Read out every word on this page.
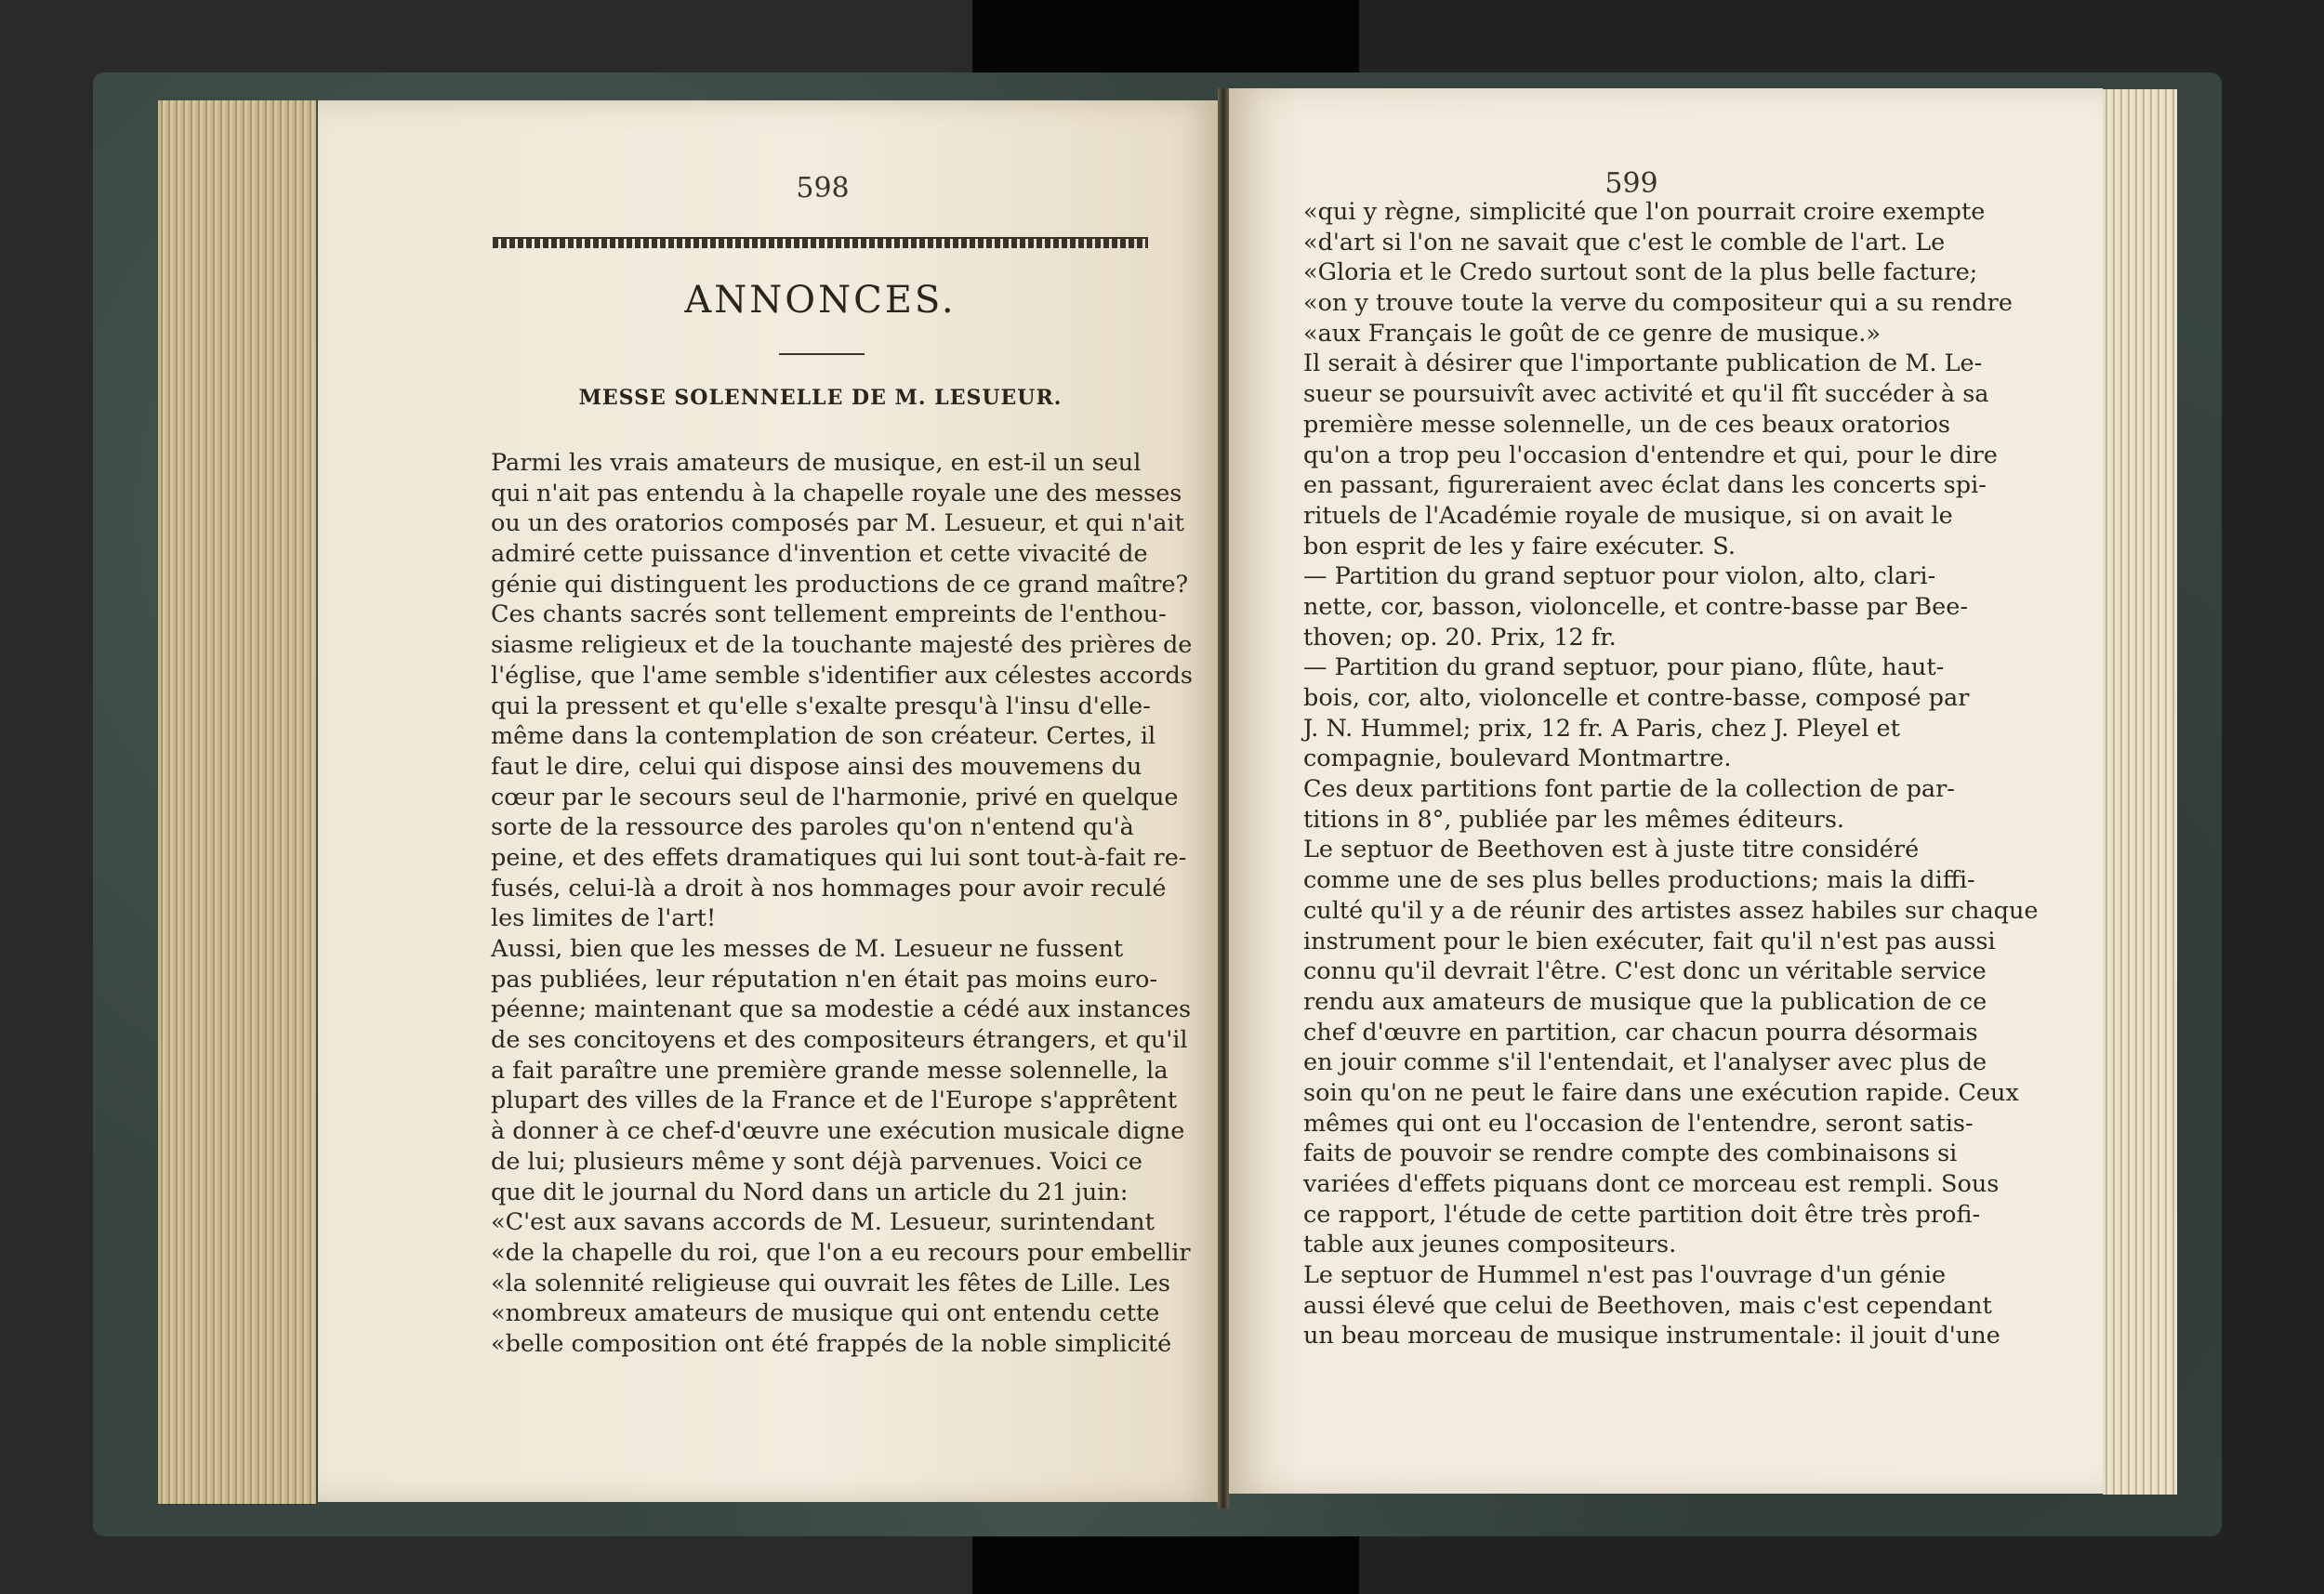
598
ANNONCES.
MESSE SOLENNELLE DE M. LESUEUR.
Parmi les vrais amateurs de musique, en est-il un seul
qui n'ait pas entendu à la chapelle royale une des messes
ou un des oratorios composés par M. Lesueur, et qui n'ait
admiré cette puissance d'invention et cette vivacité de
génie qui distinguent les productions de ce grand maître?
Ces chants sacrés sont tellement empreints de l'enthou-
siasme religieux et de la touchante majesté des prières de
l'église, que l'ame semble s'identifier aux célestes accords
qui la pressent et qu'elle s'exalte presqu'à l'insu d'elle-
même dans la contemplation de son créateur. Certes, il
faut le dire, celui qui dispose ainsi des mouvemens du
cœur par le secours seul de l'harmonie, privé en quelque
sorte de la ressource des paroles qu'on n'entend qu'à
peine, et des effets dramatiques qui lui sont tout-à-fait re-
fusés, celui-là a droit à nos hommages pour avoir reculé
les limites de l'art!
Aussi, bien que les messes de M. Lesueur ne fussent
pas publiées, leur réputation n'en était pas moins euro-
péenne; maintenant que sa modestie a cédé aux instances
de ses concitoyens et des compositeurs étrangers, et qu'il
a fait paraître une première grande messe solennelle, la
plupart des villes de la France et de l'Europe s'apprêtent
à donner à ce chef-d'œuvre une exécution musicale digne
de lui; plusieurs même y sont déjà parvenues. Voici ce
que dit le journal du Nord dans un article du 21 juin:
«C'est aux savans accords de M. Lesueur, surintendant
«de la chapelle du roi, que l'on a eu recours pour embellir
«la solennité religieuse qui ouvrait les fêtes de Lille. Les
«nombreux amateurs de musique qui ont entendu cette
«belle composition ont été frappés de la noble simplicité
599
«qui y règne, simplicité que l'on pourrait croire exempte
«d'art si l'on ne savait que c'est le comble de l'art. Le
«Gloria et le Credo surtout sont de la plus belle facture;
«on y trouve toute la verve du compositeur qui a su rendre
«aux Français le goût de ce genre de musique.»
Il serait à désirer que l'importante publication de M. Le-
sueur se poursuivît avec activité et qu'il fît succéder à sa
première messe solennelle, un de ces beaux oratorios
qu'on a trop peu l'occasion d'entendre et qui, pour le dire
en passant, figureraient avec éclat dans les concerts spi-
rituels de l'Académie royale de musique, si on avait le
bon esprit de les y faire exécuter. S.
— Partition du grand septuor pour violon, alto, clari-
nette, cor, basson, violoncelle, et contre-basse par Bee-
thoven; op. 20. Prix, 12 fr.
— Partition du grand septuor, pour piano, flûte, haut-
bois, cor, alto, violoncelle et contre-basse, composé par
J. N. Hummel; prix, 12 fr. A Paris, chez J. Pleyel et
compagnie, boulevard Montmartre.
Ces deux partitions font partie de la collection de par-
titions in 8°, publiée par les mêmes éditeurs.
Le septuor de Beethoven est à juste titre considéré
comme une de ses plus belles productions; mais la diffi-
culté qu'il y a de réunir des artistes assez habiles sur chaque
instrument pour le bien exécuter, fait qu'il n'est pas aussi
connu qu'il devrait l'être. C'est donc un véritable service
rendu aux amateurs de musique que la publication de ce
chef d'œuvre en partition, car chacun pourra désormais
en jouir comme s'il l'entendait, et l'analyser avec plus de
soin qu'on ne peut le faire dans une exécution rapide. Ceux
mêmes qui ont eu l'occasion de l'entendre, seront satis-
faits de pouvoir se rendre compte des combinaisons si
variées d'effets piquans dont ce morceau est rempli. Sous
ce rapport, l'étude de cette partition doit être très profi-
table aux jeunes compositeurs.
Le septuor de Hummel n'est pas l'ouvrage d'un génie
aussi élevé que celui de Beethoven, mais c'est cependant
un beau morceau de musique instrumentale: il jouit d'une
